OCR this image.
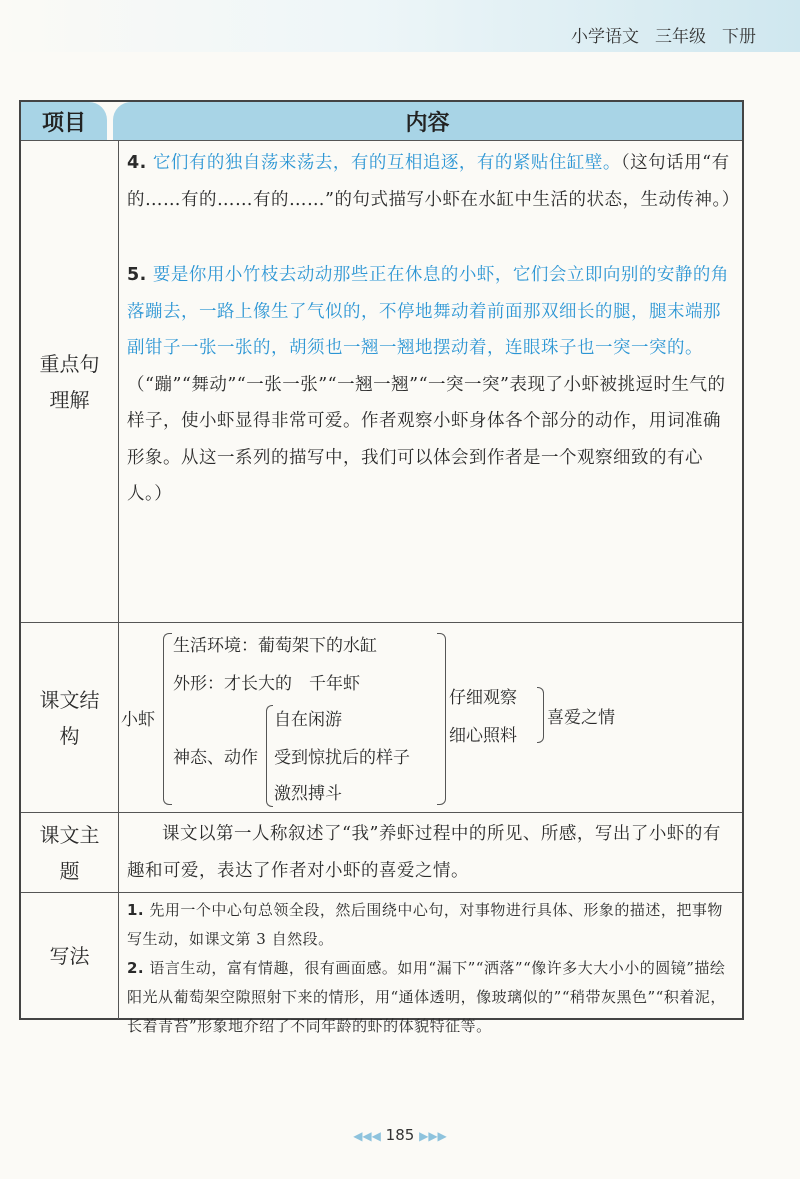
小学语文 三年级 下册
项目	内容
重点句理解
4. 它们有的独自荡来荡去，有的互相追逐，有的紧贴住缸壁。（这句话用“有的……有的……有的……”的句式描写小虾在水缸中生活的状态，生动传神。）
5. 要是你用小竹枝去动动那些正在休息的小虾，它们会立即向别的安静的角落蹦去，一路上像生了气似的，不停地舞动着前面那双细长的腿，腿末端那副钳子一张一张的，胡须也一翘一翘地摆动着，连眼珠子也一突一突的。（“蹦”“舞动”“一张一张”“一翘一翘”“一突一突”表现了小虾被挑逗时生气的样子，使小虾显得非常可爱。作者观察小虾身体各个部分的动作，用词准确形象。从这一系列的描写中，我们可以体会到作者是一个观察细致的有心人。）
课文结构
小虾
生活环境：葡萄架下的水缸
外形：才长大的　千年虾
神态、动作
自在闲游
受到惊扰后的样子
激烈搏斗
仔细观察
细心照料
喜爱之情
课文主题
课文以第一人称叙述了“我”养虾过程中的所见、所感，写出了小虾的有趣和可爱，表达了作者对小虾的喜爱之情。
写法
1. 先用一个中心句总领全段，然后围绕中心句，对事物进行具体、形象的描述，把事物写生动，如课文第 3 自然段。
2. 语言生动，富有情趣，很有画面感。如用“漏下”“洒落”“像许多大大小小的圆镜”描绘阳光从葡萄架空隙照射下来的情形，用“通体透明，像玻璃似的”“稍带灰黑色”“积着泥，长着青苔”形象地介绍了不同年龄的虾的体貌特征等。
◀◀◀ 185 ▶▶▶
